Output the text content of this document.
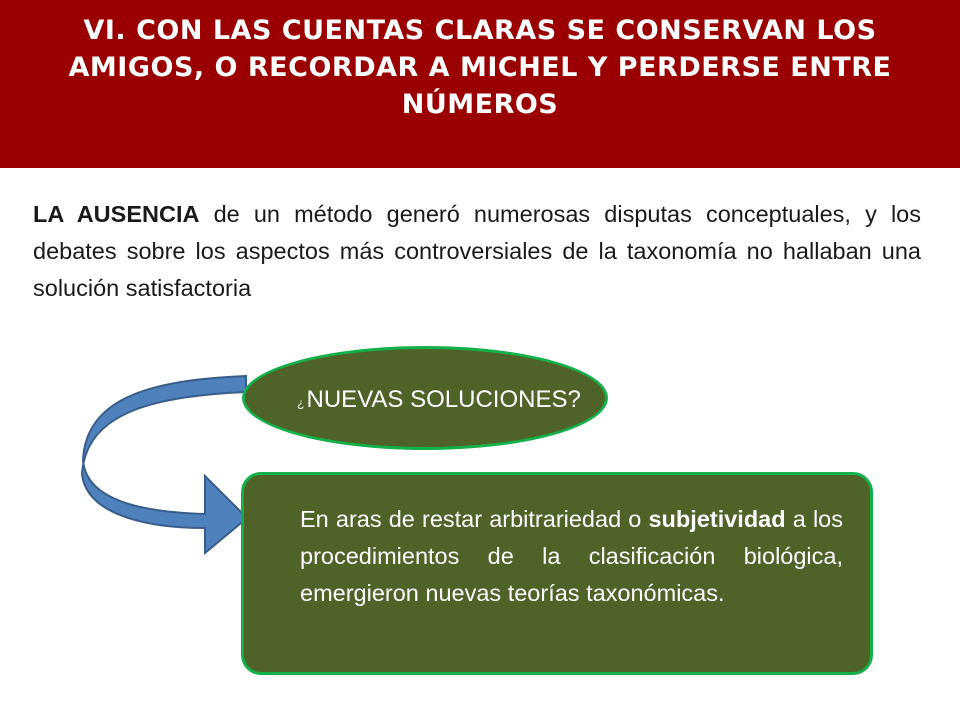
VI. CON LAS CUENTAS CLARAS SE CONSERVAN LOS AMIGOS, O RECORDAR A MICHEL Y PERDERSE ENTRE NÚMEROS
LA AUSENCIA de un método generó numerosas disputas conceptuales, y los debates sobre los aspectos más controversiales de la taxonomía no hallaban una solución satisfactoria
¿NUEVAS SOLUCIONES?
En aras de restar arbitrariedad o subjetividad a los procedimientos de la clasificación biológica, emergieron nuevas teorías taxonómicas.
